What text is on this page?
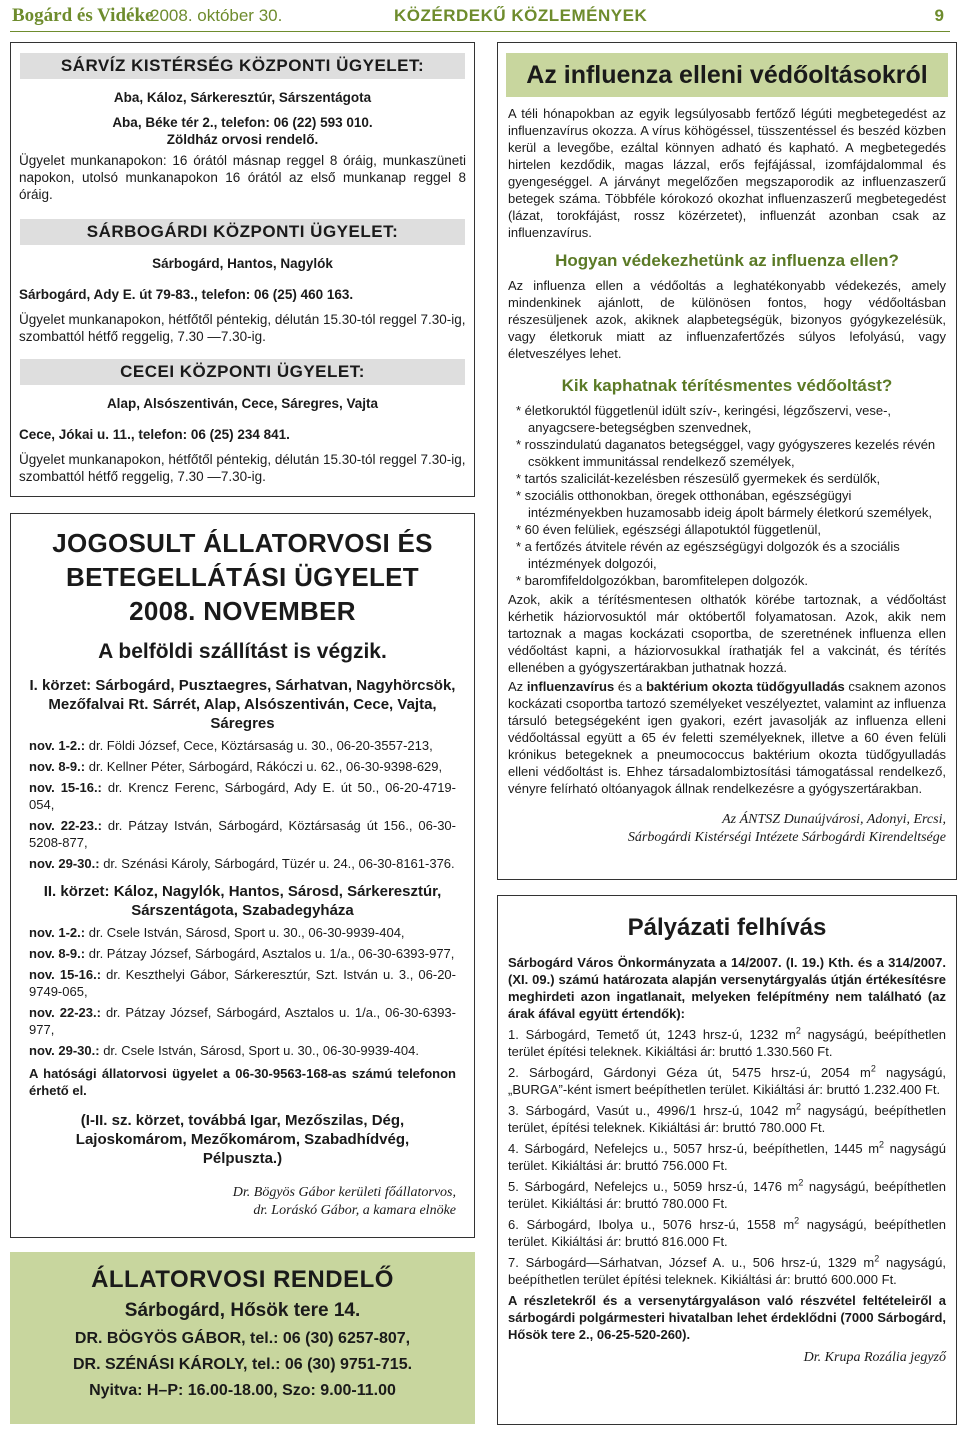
Bogárd és Vidéke
2008. október 30.	KÖZÉRDEKŰ KÖZLEMÉNYEK	9
SÁRVÍZ KISTÉRSÉG KÖZPONTI ÜGYELET:

Aba, Káloz, Sárkeresztúr, Sárszentágota

Aba, Béke tér 2., telefon: 06 (22) 593 010.

Zöldház orvosi rendelő.

Ügyelet munkanapokon: 16 órától másnap reggel 8 óráig, munkaszüneti napokon, utolsó munkanapokon 16 órától az első munkanap reggel 8 óráig.

SÁRBOGÁRDI KÖZPONTI ÜGYELET:

Sárbogárd, Hantos, Nagylók

Sárbogárd, Ady E. út 79-83., telefon: 06 (25) 460 163.

Ügyelet munkanapokon, hétfőtől péntekig, délután 15.30-tól reggel 7.30-ig, szombattól hétfő reggelig, 7.30 —7.30-ig.

CECEI KÖZPONTI ÜGYELET:

Alap, Alsószentiván, Cece, Sáregres, Vajta

Cece, Jókai u. 11., telefon: 06 (25) 234 841.

Ügyelet munkanapokon, hétfőtől péntekig, délután 15.30-tól reggel 7.30-ig, szombattól hétfő reggelig, 7.30 —7.30-ig.

JOGOSULT ÁLLATORVOSI ÉS
BETEGELLÁTÁSI ÜGYELET
2008. NOVEMBER
A belföldi szállítást is végzik.
I. körzet: Sárbogárd, Pusztaegres, Sárhatvan, Nagyhörcsök, Mezőfalvai Rt. Sárrét, Alap, Alsószentiván, Cece, Vajta, Sáregres

nov. 1-2.: dr. Földi József, Cece, Köztársaság u. 30., 06-20-3557-213,

nov. 8-9.: dr. Kellner Péter, Sárbogárd, Rákóczi u. 62., 06-30-9398-629,

nov. 15-16.: dr. Krencz Ferenc, Sárbogárd, Ady E. út 50., 06-20-4719-054,

nov. 22-23.: dr. Pátzay István, Sárbogárd, Köztársaság út 156., 06-30-5208-877,

nov. 29-30.: dr. Szénási Károly, Sárbogárd, Tüzér u. 24., 06-30-8161-376.

II. körzet: Káloz, Nagylók, Hantos, Sárosd, Sárkeresztúr, Sárszentágota, Szabadegyháza

nov. 1-2.: dr. Csele István, Sárosd, Sport u. 30., 06-30-9939-404,

nov. 8-9.: dr. Pátzay József, Sárbogárd, Asztalos u. 1/a., 06-30-6393-977,

nov. 15-16.: dr. Keszthelyi Gábor, Sárkeresztúr, Szt. István u. 3., 06-20-9749-065,

nov. 22-23.: dr. Pátzay József, Sárbogárd, Asztalos u. 1/a., 06-30-6393-977,

nov. 29-30.: dr. Csele István, Sárosd, Sport u. 30., 06-30-9939-404.

A hatósági állatorvosi ügyelet a 06-30-9563-168-as számú telefonon érhető el.

(I-II. sz. körzet, továbbá Igar, Mezőszilas, Dég, Lajoskomárom, Mezőkomárom, Szabadhídvég, Pélpuszta.)
Dr. Bögyös Gábor kerületi főállatorvos,
dr. Loráskó Gábor, a kamara elnöke
ÁLLATORVOSI RENDELŐ
Sárbogárd, Hősök tere 14.
DR. BÖGYÖS GÁBOR, tel.: 06 (30) 6257-807,
DR. SZÉNÁSI KÁROLY, tel.: 06 (30) 9751-715.
Nyitva: H–P: 16.00-18.00, Szo: 9.00-11.00
Az influenza elleni védőoltásokról

A téli hónapokban az egyik legsúlyosabb fertőző légúti megbetegedést az influenzavírus okozza. A vírus köhögéssel, tüsszentéssel és beszéd közben kerül a levegőbe, ezáltal könnyen adható és kapható. A megbetegedés hirtelen kezdődik, magas lázzal, erős fejfájással, izomfájdalommal és gyengeséggel. A járványt megelőzően megszaporodik az influenzaszerű betegek száma. Többféle kórokozó okozhat influenzaszerű megbetegedést (lázat, torokfájást, rossz közérzetet), influenzát azonban csak az influenzavírus.

Hogyan védekezhetünk az influenza ellen?

Az influenza ellen a védőoltás a leghatékonyabb védekezés, amely mindenkinek ajánlott, de különösen fontos, hogy védőoltásban részesüljenek azok, akiknek alapbetegségük, bizonyos gyógykezelésük, vagy életkoruk miatt az influenzafertőzés súlyos lefolyású, vagy életveszélyes lehet.

Kik kaphatnak térítésmentes védőoltást?

* életkoruktól függetlenül idült szív-, keringési, légzőszervi, vese-, anyagcsere-betegségben szenvednek,

* rosszindulatú daganatos betegséggel, vagy gyógyszeres kezelés révén csökkent immunitással rendelkező személyek,

* tartós szalicilát-kezelésben részesülő gyermekek és serdülők,

* szociális otthonokban, öregek otthonában, egészségügyi intézményekben huzamosabb ideig ápolt bármely életkorú személyek,

* 60 éven felüliek, egészségi állapotuktól függetlenül,

* a fertőzés átvitele révén az egészségügyi dolgozók és a szociális intézmények dolgozói,

* baromfifeldolgozókban, baromfitelepen dolgozók.

Azok, akik a térítésmentesen olthatók körébe tartoznak, a védőoltást kérhetik háziorvosuktól már októbertől folyamatosan. Azok, akik nem tartoznak a magas kockázati csoportba, de szeretnének influenza ellen védőoltást kapni, a háziorvosukkal írathatják fel a vakcinát, és térítés ellenében a gyógyszertárakban juthatnak hozzá.

Az influenzavírus és a baktérium okozta tüdőgyulladás csaknem azonos kockázati csoportba tartozó személyeket veszélyeztet, valamint az influenza társuló betegségeként igen gyakori, ezért javasolják az influenza elleni védőoltással együtt a 65 év feletti személyeknek, illetve a 60 éven felüli krónikus betegeknek a pneumococcus baktérium okozta tüdőgyulladás elleni védőoltást is. Ehhez társadalombiztosítási támogatással rendelkező, vényre felírható oltóanyagok állnak rendelkezésre a gyógyszertárakban.

Az ÁNTSZ Dunaújvárosi, Adonyi, Ercsi,
Sárbogárdi Kistérségi Intézete Sárbogárdi Kirendeltsége
Pályázati felhívás

Sárbogárd Város Önkormányzata a 14/2007. (I. 19.) Kth. és a 314/2007. (XI. 09.) számú határozata alapján versenytárgyalás útján értékesítésre meghirdeti azon ingatlanait, melyeken felépítmény nem található (az árak áfával együtt értendők):

1. Sárbogárd, Temető út, 1243 hrsz-ú, 1232 $m^2$ nagyságú, beépíthetlen terület építési teleknek. Kikiáltási ár: bruttó 1.330.560 Ft.

2. Sárbogárd, Gárdonyi Géza út, 5475 hrsz-ú, 2054 $m^2$ nagyságú, „BURGA”-ként ismert beépíthetlen terület. Kikiáltási ár: bruttó 1.232.400 Ft.

3. Sárbogárd, Vasút u., 4996/1 hrsz-ú, 1042 $m^2$ nagyságú, beépíthetlen terület, építési teleknek. Kikiáltási ár: bruttó 780.000 Ft.

4. Sárbogárd, Nefelejcs u., 5057 hrsz-ú, beépíthetlen, 1445 $m^2$ nagyságú terület. Kikiáltási ár: bruttó 756.000 Ft.

5. Sárbogárd, Nefelejcs u., 5059 hrsz-ú, 1476 $m^2$ nagyságú, beépíthetlen terület. Kikiáltási ár: bruttó 780.000 Ft.

6. Sárbogárd, Ibolya u., 5076 hrsz-ú, 1558 $m^2$ nagyságú, beépíthetlen terület. Kikiáltási ár: bruttó 816.000 Ft.

7. Sárbogárd—Sárhatvan, József A. u., 506 hrsz-ú, 1329 $m^2$ nagyságú, beépíthetlen terület építési teleknek. Kikiáltási ár: bruttó 600.000 Ft.

A részletekről és a versenytárgyaláson való részvétel feltételeiről a sárbogárdi polgármesteri hivatalban lehet érdeklődni (7000 Sárbogárd, Hősök tere 2., 06-25-520-260).

Dr. Krupa Rozália jegyző
